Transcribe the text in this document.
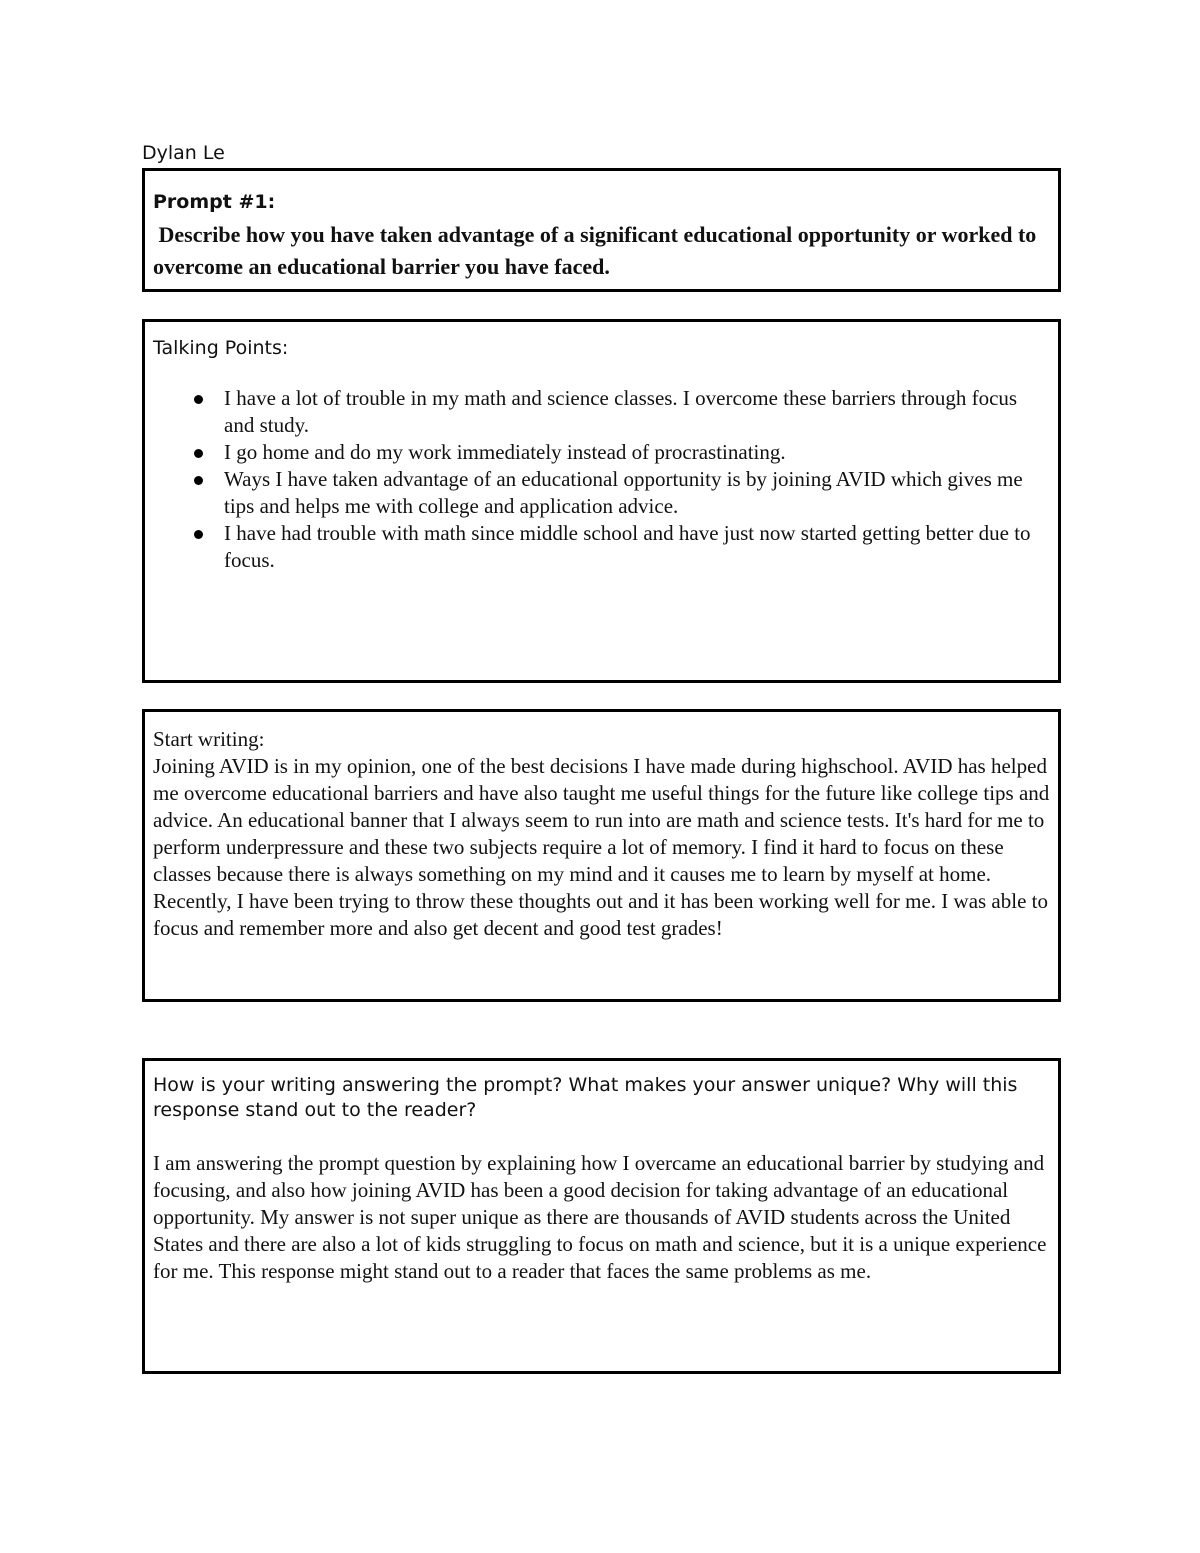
Dylan Le

Prompt #1:

Describe how you have taken advantage of a significant educational opportunity or worked to overcome an educational barrier you have faced.

Talking Points:

I have a lot of trouble in my math and science classes. I overcome these barriers through focus and study.
I go home and do my work immediately instead of procrastinating.
Ways I have taken advantage of an educational opportunity is by joining AVID which gives me tips and helps me with college and application advice.
I have had trouble with math since middle school and have just now started getting better due to focus.

Start writing:
Joining AVID is in my opinion, one of the best decisions I have made during highschool. AVID has helped me overcome educational barriers and have also taught me useful things for the future like college tips and advice. An educational banner that I always seem to run into are math and science tests. It's hard for me to perform underpressure and these two subjects require a lot of memory. I find it hard to focus on these classes because there is always something on my mind and it causes me to learn by myself at home. Recently, I have been trying to throw these thoughts out and it has been working well for me. I was able to focus and remember more and also get decent and good test grades!

How is your writing answering the prompt? What makes your answer unique? Why will this response stand out to the reader?

I am answering the prompt question by explaining how I overcame an educational barrier by studying and focusing, and also how joining AVID has been a good decision for taking advantage of an educational opportunity. My answer is not super unique as there are thousands of AVID students across the United States and there are also a lot of kids struggling to focus on math and science, but it is a unique experience for me. This response might stand out to a reader that faces the same problems as me.
